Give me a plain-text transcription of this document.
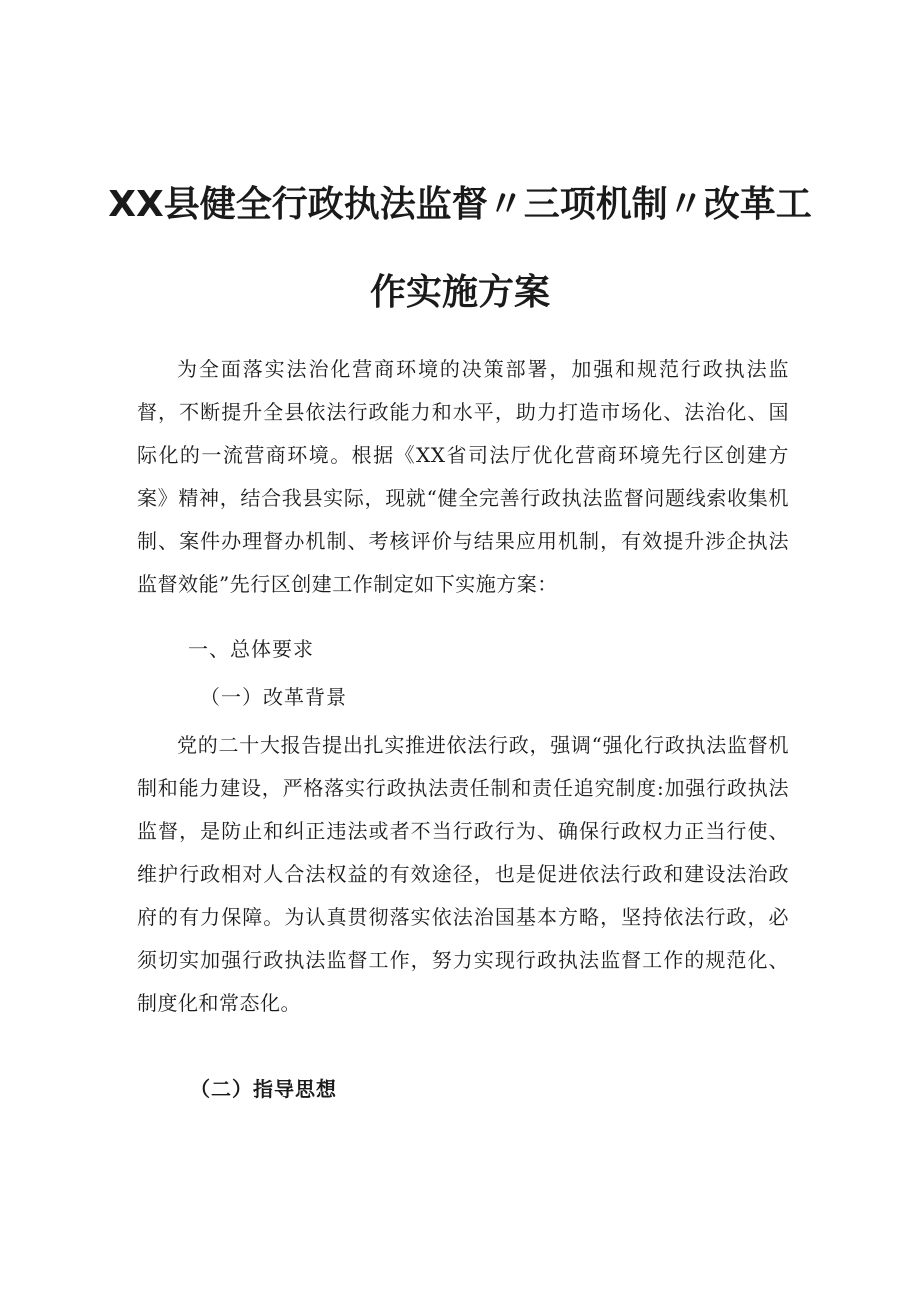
XX县健全行政执法监督〃三项机制〃改革工
作实施方案
为全面落实法治化营商环境的决策部署，加强和规范行政执法监督，不断提升全县依法行政能力和水平，助力打造市场化、法治化、国际化的一流营商环境。根据《XX省司法厅优化营商环境先行区创建方案》精神，结合我县实际，现就“健全完善行政执法监督问题线索收集机制、案件办理督办机制、考核评价与结果应用机制，有效提升涉企执法监督效能”先行区创建工作制定如下实施方案：
一、总体要求
（一）改革背景
党的二十大报告提出扎实推进依法行政，强调“强化行政执法监督机制和能力建设，严格落实行政执法责任制和责任追究制度:加强行政执法监督，是防止和纠正违法或者不当行政行为、确保行政权力正当行使、维护行政相对人合法权益的有效途径，也是促进依法行政和建设法治政府的有力保障。为认真贯彻落实依法治国基本方略，坚持依法行政，必须切实加强行政执法监督工作，努力实现行政执法监督工作的规范化、制度化和常态化。
（二）指导思想
